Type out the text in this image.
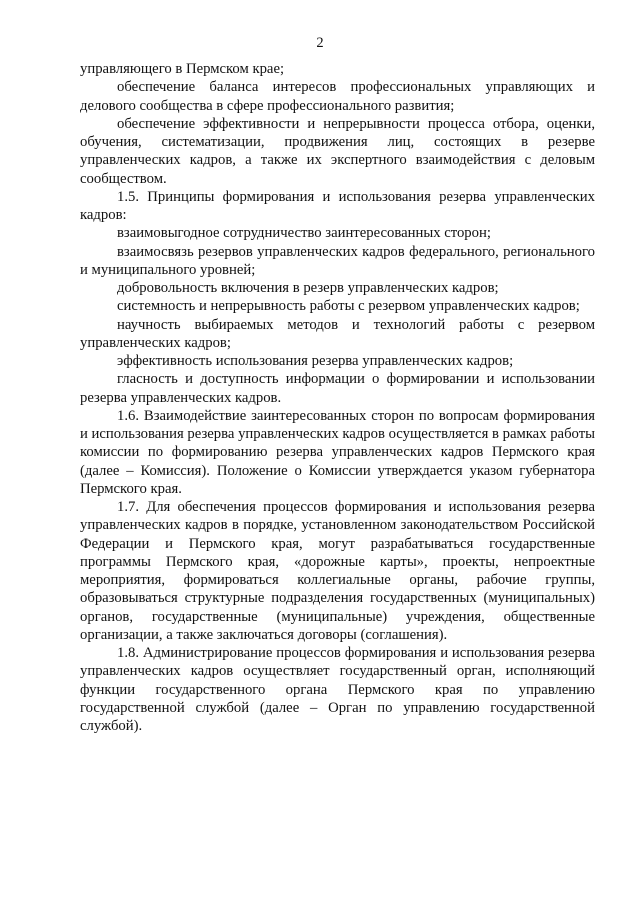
2

управляющего в Пермском крае;

обеспечение баланса интересов профессиональных управляющих и делового сообщества в сфере профессионального развития;

обеспечение эффективности и непрерывности процесса отбора, оценки, обучения, систематизации, продвижения лиц, состоящих в резерве управленческих кадров, а также их экспертного взаимодействия с деловым сообществом.

1.5. Принципы формирования и использования резерва управленческих кадров:

взаимовыгодное сотрудничество заинтересованных сторон;

взаимосвязь резервов управленческих кадров федерального, регионального и муниципального уровней;

добровольность включения в резерв управленческих кадров;

системность и непрерывность работы с резервом управленческих кадров;

научность выбираемых методов и технологий работы с резервом управленческих кадров;

эффективность использования резерва управленческих кадров;

гласность и доступность информации о формировании и использовании резерва управленческих кадров.

1.6. Взаимодействие заинтересованных сторон по вопросам формирования и использования резерва управленческих кадров осуществляется в рамках работы комиссии по формированию резерва управленческих кадров Пермского края (далее – Комиссия). Положение о Комиссии утверждается указом губернатора Пермского края.

1.7. Для обеспечения процессов формирования и использования резерва управленческих кадров в порядке, установленном законодательством Российской Федерации и Пермского края, могут разрабатываться государственные программы Пермского края, «дорожные карты», проекты, непроектные мероприятия, формироваться коллегиальные органы, рабочие группы, образовываться структурные подразделения государственных (муниципальных) органов, государственные (муниципальные) учреждения, общественные организации, а также заключаться договоры (соглашения).

1.8. Администрирование процессов формирования и использования резерва управленческих кадров осуществляет государственный орган, исполняющий функции государственного органа Пермского края по управлению государственной службой (далее – Орган по управлению государственной службой).
